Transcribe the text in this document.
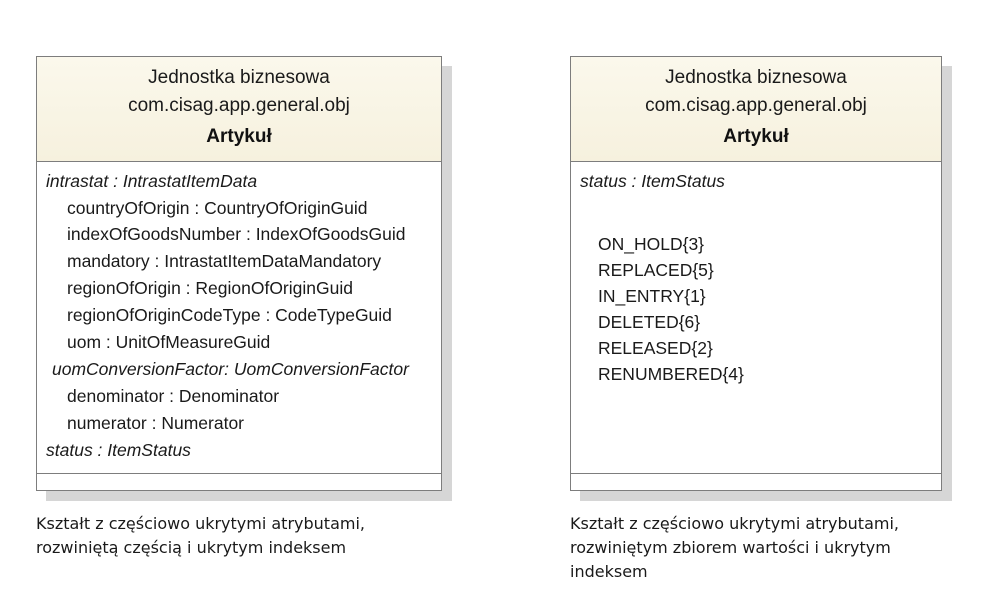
Jednostka biznesowa
com.cisag.app.general.obj
Artykuł
intrastat : IntrastatItemData
countryOfOrigin : CountryOfOriginGuid
indexOfGoodsNumber : IndexOfGoodsGuid
mandatory : IntrastatItemDataMandatory
regionOfOrigin : RegionOfOriginGuid
regionOfOriginCodeType : CodeTypeGuid
uom : UnitOfMeasureGuid
uomConversionFactor: UomConversionFactor
denominator : Denominator
numerator : Numerator
status : ItemStatus
Kształt z częściowo ukrytymi atrybutami,
rozwiniętą częścią i ukrytym indeksem
Jednostka biznesowa
com.cisag.app.general.obj
Artykuł
status : ItemStatus
ON_HOLD{3}
REPLACED{5}
IN_ENTRY{1}
DELETED{6}
RELEASED{2}
RENUMBERED{4}
Kształt z częściowo ukrytymi atrybutami,
rozwiniętym zbiorem wartości i ukrytym
indeksem
